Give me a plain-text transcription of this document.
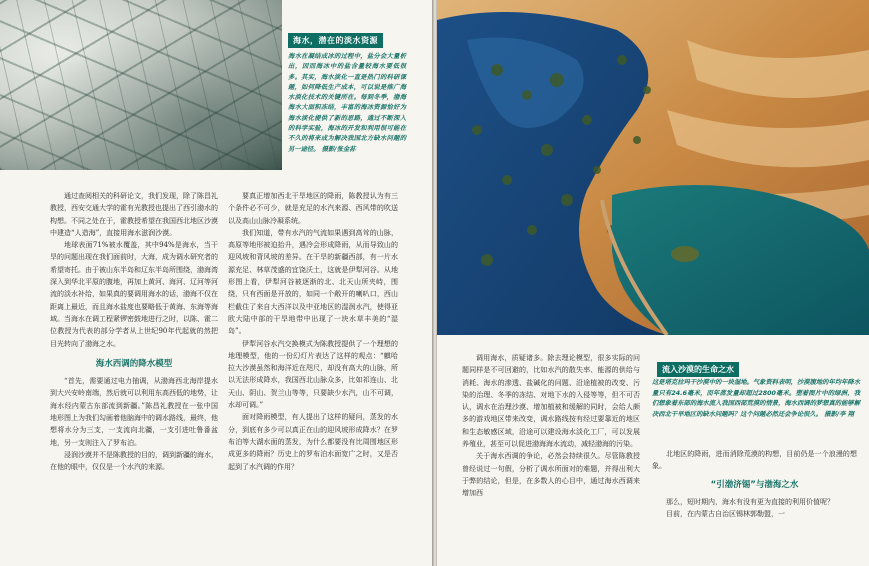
海水，潜在的淡水资源
海水在凝结成冰的过程中，盐分会大量析出，因而海冰中的盐含量较海水要低很多。其实，海水淡化一直是热门的科研课题，如何降低生产成本，可以说是推广海水淡化技术的关键所在。每到冬季，渤海海水大面积冻结，丰富的海冰资源恰好为海水淡化提供了新的思路，通过不断深入的科学实验，海冰的开发和利用很可能在不久的将来成为解决我国北方缺水问题的另一途径。 摄影/张金荪

通过查阅相关的科研论文，我们发现，除了陈昌礼教授，西安交通大学的霍有光教授也提出了西引渤水的构想。不同之处在于，霍教授希望在我国西北地区沙漠中建造“人造海”，直接用海水滋润沙漠。

地球表面71%被水覆盖，其中94%是海水，当干旱的问题出现在我们面前时，大海，成为调水研究者的希望寄托。由于被山东半岛和辽东半岛所围绕，渤海湾深入到华北平原的腹地，再加上黄河、海河、辽河等河流的淡水补给，如果真的要调用海水的话，渤海不仅在距离上最近，而且海水盐度也要略低于黄海、东海等海域。当海水在调工程紧锣密鼓地进行之时，以陈、霍二位教授为代表的部分学者从上世纪90年代起就的然把目光转向了渤海之水。

海水西调的降水模型

“首先，需要通过电力抽调，从渤海西北海岸提水到大兴安岭南端，然后就可以利用东高西低的地势，让海水经内蒙古东部流到新疆。”陈昌礼教授在一张中国地形图上为我们勾画着他脑海中的调水路线，最终，他想将水分为三支，一支流向北疆，一支引进吐鲁番盆地，另一支则注入了罗布泊。

浸润沙漠并不是陈教授的目的，调到新疆的海水，在他的眼中，仅仅是一个水汽的来源。

要真正增加西北干旱地区的降雨，陈教授认为有三个条件必不可少，就是充足的水汽来源、西风带的吹送以及高山山脉冷凝系统。

我们知道，带有水汽的气流如果遇到高耸的山脉，高原等地形被迫抬升，遇冷会形成降雨，从而导致山的迎风坡和背风坡的差异。在干旱的新疆西部，有一片水源充足、林草茂盛的宜饶沃土，这就是伊犁河谷。从地形图上看，伊犁河谷被逐渐的北、北天山所夹峙，围绕，只有西面是开放的，如同一个敞开的喇叭口，西山栏截住了来自大西洋以及中亚地区的湿润水汽，使得亚欧大陆中部的干旱地带中出现了一块水草丰美的“湿岛”。

伊犁河谷水汽交换模式为陈教授提供了一个理想的地理模型，他的一份幻灯片表达了这样的观点：“麒哈拉大沙漠虽然和海洋近在咫尺，却没有高大的山脉，所以无法形成降水，我国西北山脉众多，比如祁连山、北天山、阴山、贺兰山等等，只要缺少水汽，山不可调，水却可调。”

面对降雨模型，有人提出了这样的疑问，蒸发的水分，到底有多少可以真正在山的迎风坡形成降水？在罗布泊等大湖水面的蒸发，为什么都要没有比周围地区形成更多的降雨？历史上的罗布泊水面宽广之时，又是否起到了水汽调的作用？

流入沙漠的生命之水
这是塔克拉玛干沙漠中的一块湿地。气象资料表明，沙漠腹地的年均年降水量只有24.6毫米，而年蒸发量却超过2800毫米。塑着图片中的绿洲，我们想象着东部的海水流入我国西部荒漠的情景，海水西调的梦想真的能够解决西北干旱地区的缺水问题吗？这个问题必然还会争论很久。 摄影/李 翔

调用海水，质疑诸多。除去理论模型，很多实际的问题同样是不可回避的，比如水汽的散失率、能源的供给与消耗、海水的渗透、盐碱化的问题、沿途植被的改变、污染的治理、冬季的冻结、对地下水的入侵等等，但不可否认，调水在治理沙漠、增加植被和缓解的同时，会给人颇多的游戏地区带来改变，调水路线按有经过要靠近的地区和生态敏感区域，沿途可以建设海水淡化工厂，可以发展养殖业，甚至可以促进渤海海水流动，减轻渤海的污染。

关于海水西调的争论，必然会持续很久。尽管陈教授曾经说过一句假，分析了调水所面对的难题，并得出利大于弊的结论，但是，在多数人的心目中，通过海水西调来增加西

北地区的降雨，进而消除荒漠的构想，目前仍是一个浪漫的想象。

“引渤济锡”与渤海之水

那么，短时期内，海水有没有更为直接的利用价值呢？

目前，在内蒙古自治区锡林郭勒盟，一
